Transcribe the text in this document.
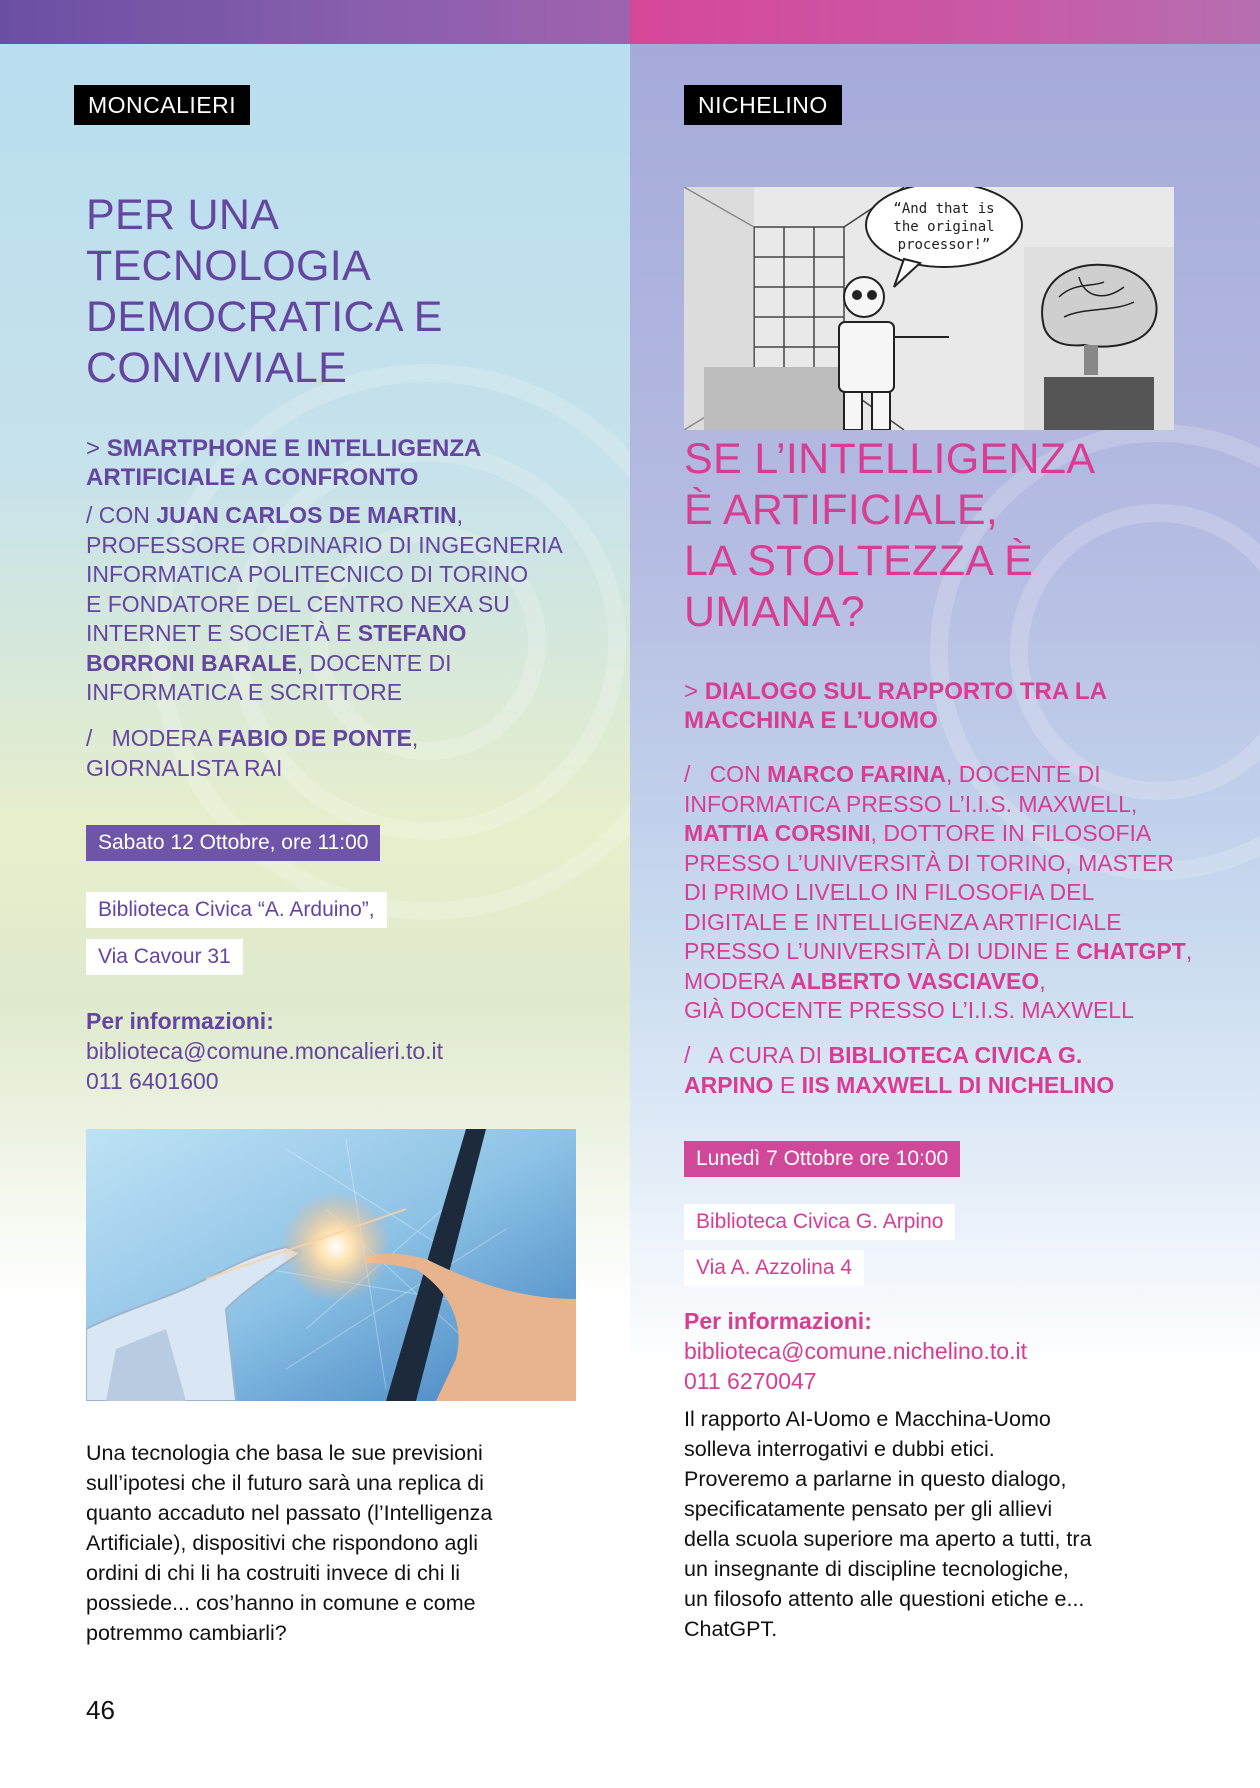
MONCALIERI
PER UNA
TECNOLOGIA
DEMOCRATICA E
CONVIVIALE
> SMARTPHONE E INTELLIGENZA
ARTIFICIALE A CONFRONTO
/ CON JUAN CARLOS DE MARTIN,
PROFESSORE ORDINARIO DI INGEGNERIA
INFORMATICA POLITECNICO DI TORINO
E FONDATORE DEL CENTRO NEXA SU
INTERNET E SOCIETÀ E STEFANO
BORRONI BARALE, DOCENTE DI
INFORMATICA E SCRITTORE
/ MODERA FABIO DE PONTE,
GIORNALISTA RAI
Sabato 12 Ottobre, ore 11:00
Biblioteca Civica “A. Arduino”,
Via Cavour 31
Per informazioni:
biblioteca@comune.moncalieri.to.it
011 6401600
Una tecnologia che basa le sue previsioni
sull’ipotesi che il futuro sarà una replica di
quanto accaduto nel passato (l’Intelligenza
Artificiale), dispositivi che rispondono agli
ordini di chi li ha costruiti invece di chi li
possiede... cos’hanno in comune e come
potremmo cambiarli?
46
NICHELINO
“And that is
the original
processor!”
SE L’INTELLIGENZA
È ARTIFICIALE,
LA STOLTEZZA È
UMANA?
> DIALOGO SUL RAPPORTO TRA LA
MACCHINA E L’UOMO
/ CON MARCO FARINA, DOCENTE DI
INFORMATICA PRESSO L’I.I.S. MAXWELL,
MATTIA CORSINI, DOTTORE IN FILOSOFIA
PRESSO L’UNIVERSITÀ DI TORINO, MASTER
DI PRIMO LIVELLO IN FILOSOFIA DEL
DIGITALE E INTELLIGENZA ARTIFICIALE
PRESSO L’UNIVERSITÀ DI UDINE E CHATGPT,
MODERA ALBERTO VASCIAVEO,
GIÀ DOCENTE PRESSO L’I.I.S. MAXWELL
/ A CURA DI BIBLIOTECA CIVICA G.
ARPINO E IIS MAXWELL DI NICHELINO
Lunedì 7 Ottobre ore 10:00
Biblioteca Civica G. Arpino
Via A. Azzolina 4
Per informazioni:
biblioteca@comune.nichelino.to.it
011 6270047
Il rapporto AI-Uomo e Macchina-Uomo
solleva interrogativi e dubbi etici.
Proveremo a parlarne in questo dialogo,
specificatamente pensato per gli allievi
della scuola superiore ma aperto a tutti, tra
un insegnante di discipline tecnologiche,
un filosofo attento alle questioni etiche e...
ChatGPT.
